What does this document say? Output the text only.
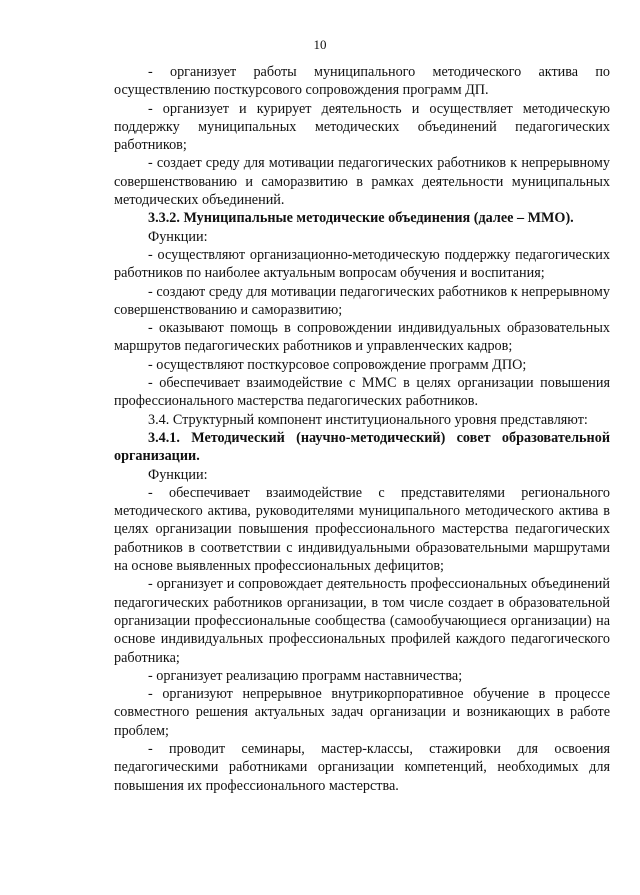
10

- организует работы муниципального методического актива по осуществлению посткурсового сопровождения программ ДП.

- организует и курирует деятельность и осуществляет методическую поддержку муниципальных методических объединений педагогических работников;

- создает среду для мотивации педагогических работников к непрерывному совершенствованию и саморазвитию в рамках деятельности муниципальных методических объединений.

3.3.2. Муниципальные методические объединения (далее – ММО).

Функции:

- осуществляют организационно-методическую поддержку педагогических работников по наиболее актуальным вопросам обучения и воспитания;

- создают среду для мотивации педагогических работников к непрерывному совершенствованию и саморазвитию;

- оказывают помощь в сопровождении индивидуальных образовательных маршрутов педагогических работников и управленческих кадров;

- осуществляют посткурсовое сопровождение программ ДПО;

- обеспечивает взаимодействие с ММС в целях организации повышения профессионального мастерства педагогических работников.

3.4. Структурный компонент институционального уровня представляют:

3.4.1. Методический (научно-методический) совет образовательной организации.

Функции:

- обеспечивает взаимодействие с представителями регионального методического актива, руководителями муниципального методического актива в целях организации повышения профессионального мастерства педагогических работников в соответствии с индивидуальными образовательными маршрутами на основе выявленных профессиональных дефицитов;

- организует и сопровождает деятельность профессиональных объединений педагогических работников организации, в том числе создает в образовательной организации профессиональные сообщества (самообучающиеся организации) на основе индивидуальных профессиональных профилей каждого педагогического работника;

- организует реализацию программ наставничества;

- организуют непрерывное внутрикорпоративное обучение в процессе совместного решения актуальных задач организации и возникающих в работе проблем;

- проводит семинары, мастер-классы, стажировки для освоения педагогическими работниками организации компетенций, необходимых для повышения их профессионального мастерства.
